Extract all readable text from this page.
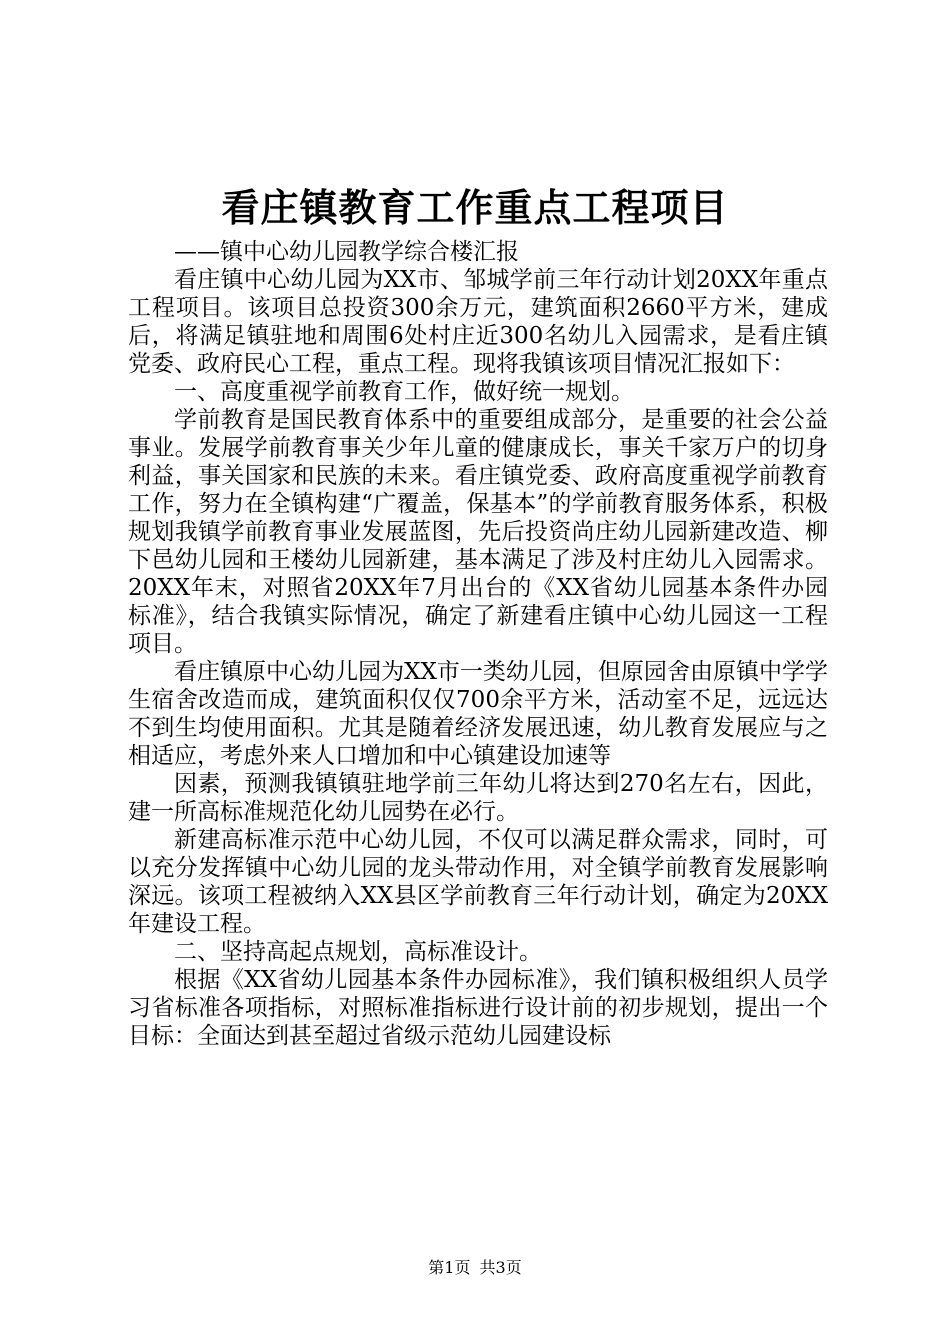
看庄镇教育工作重点工程项目

——镇中心幼儿园教学综合楼汇报

看庄镇中心幼儿园为XX市、邹城学前三年行动计划20XX年重点工程项目。该项目总投资300余万元，建筑面积2660平方米，建成后，将满足镇驻地和周围6处村庄近300名幼儿入园需求，是看庄镇党委、政府民心工程，重点工程。现将我镇该项目情况汇报如下：

一、高度重视学前教育工作，做好统一规划。

学前教育是国民教育体系中的重要组成部分，是重要的社会公益事业。发展学前教育事关少年儿童的健康成长，事关千家万户的切身利益，事关国家和民族的未来。看庄镇党委、政府高度重视学前教育工作，努力在全镇构建“广覆盖，保基本”的学前教育服务体系，积极规划我镇学前教育事业发展蓝图，先后投资尚庄幼儿园新建改造、柳下邑幼儿园和王楼幼儿园新建，基本满足了涉及村庄幼儿入园需求。20XX年末，对照省20XX年7月出台的《XX省幼儿园基本条件办园标准》，结合我镇实际情况，确定了新建看庄镇中心幼儿园这一工程项目。

看庄镇原中心幼儿园为XX市一类幼儿园，但原园舍由原镇中学学生宿舍改造而成，建筑面积仅仅700余平方米，活动室不足，远远达不到生均使用面积。尤其是随着经济发展迅速，幼儿教育发展应与之相适应，考虑外来人口增加和中心镇建设加速等

因素，预测我镇镇驻地学前三年幼儿将达到270名左右，因此，建一所高标准规范化幼儿园势在必行。

新建高标准示范中心幼儿园，不仅可以满足群众需求，同时，可以充分发挥镇中心幼儿园的龙头带动作用，对全镇学前教育发展影响深远。该项工程被纳入XX县区学前教育三年行动计划，确定为20XX年建设工程。

二、坚持高起点规划，高标准设计。

根据《XX省幼儿园基本条件办园标准》，我们镇积极组织人员学习省标准各项指标，对照标准指标进行设计前的初步规划，提出一个目标：全面达到甚至超过省级示范幼儿园建设标

第1页 共3页
